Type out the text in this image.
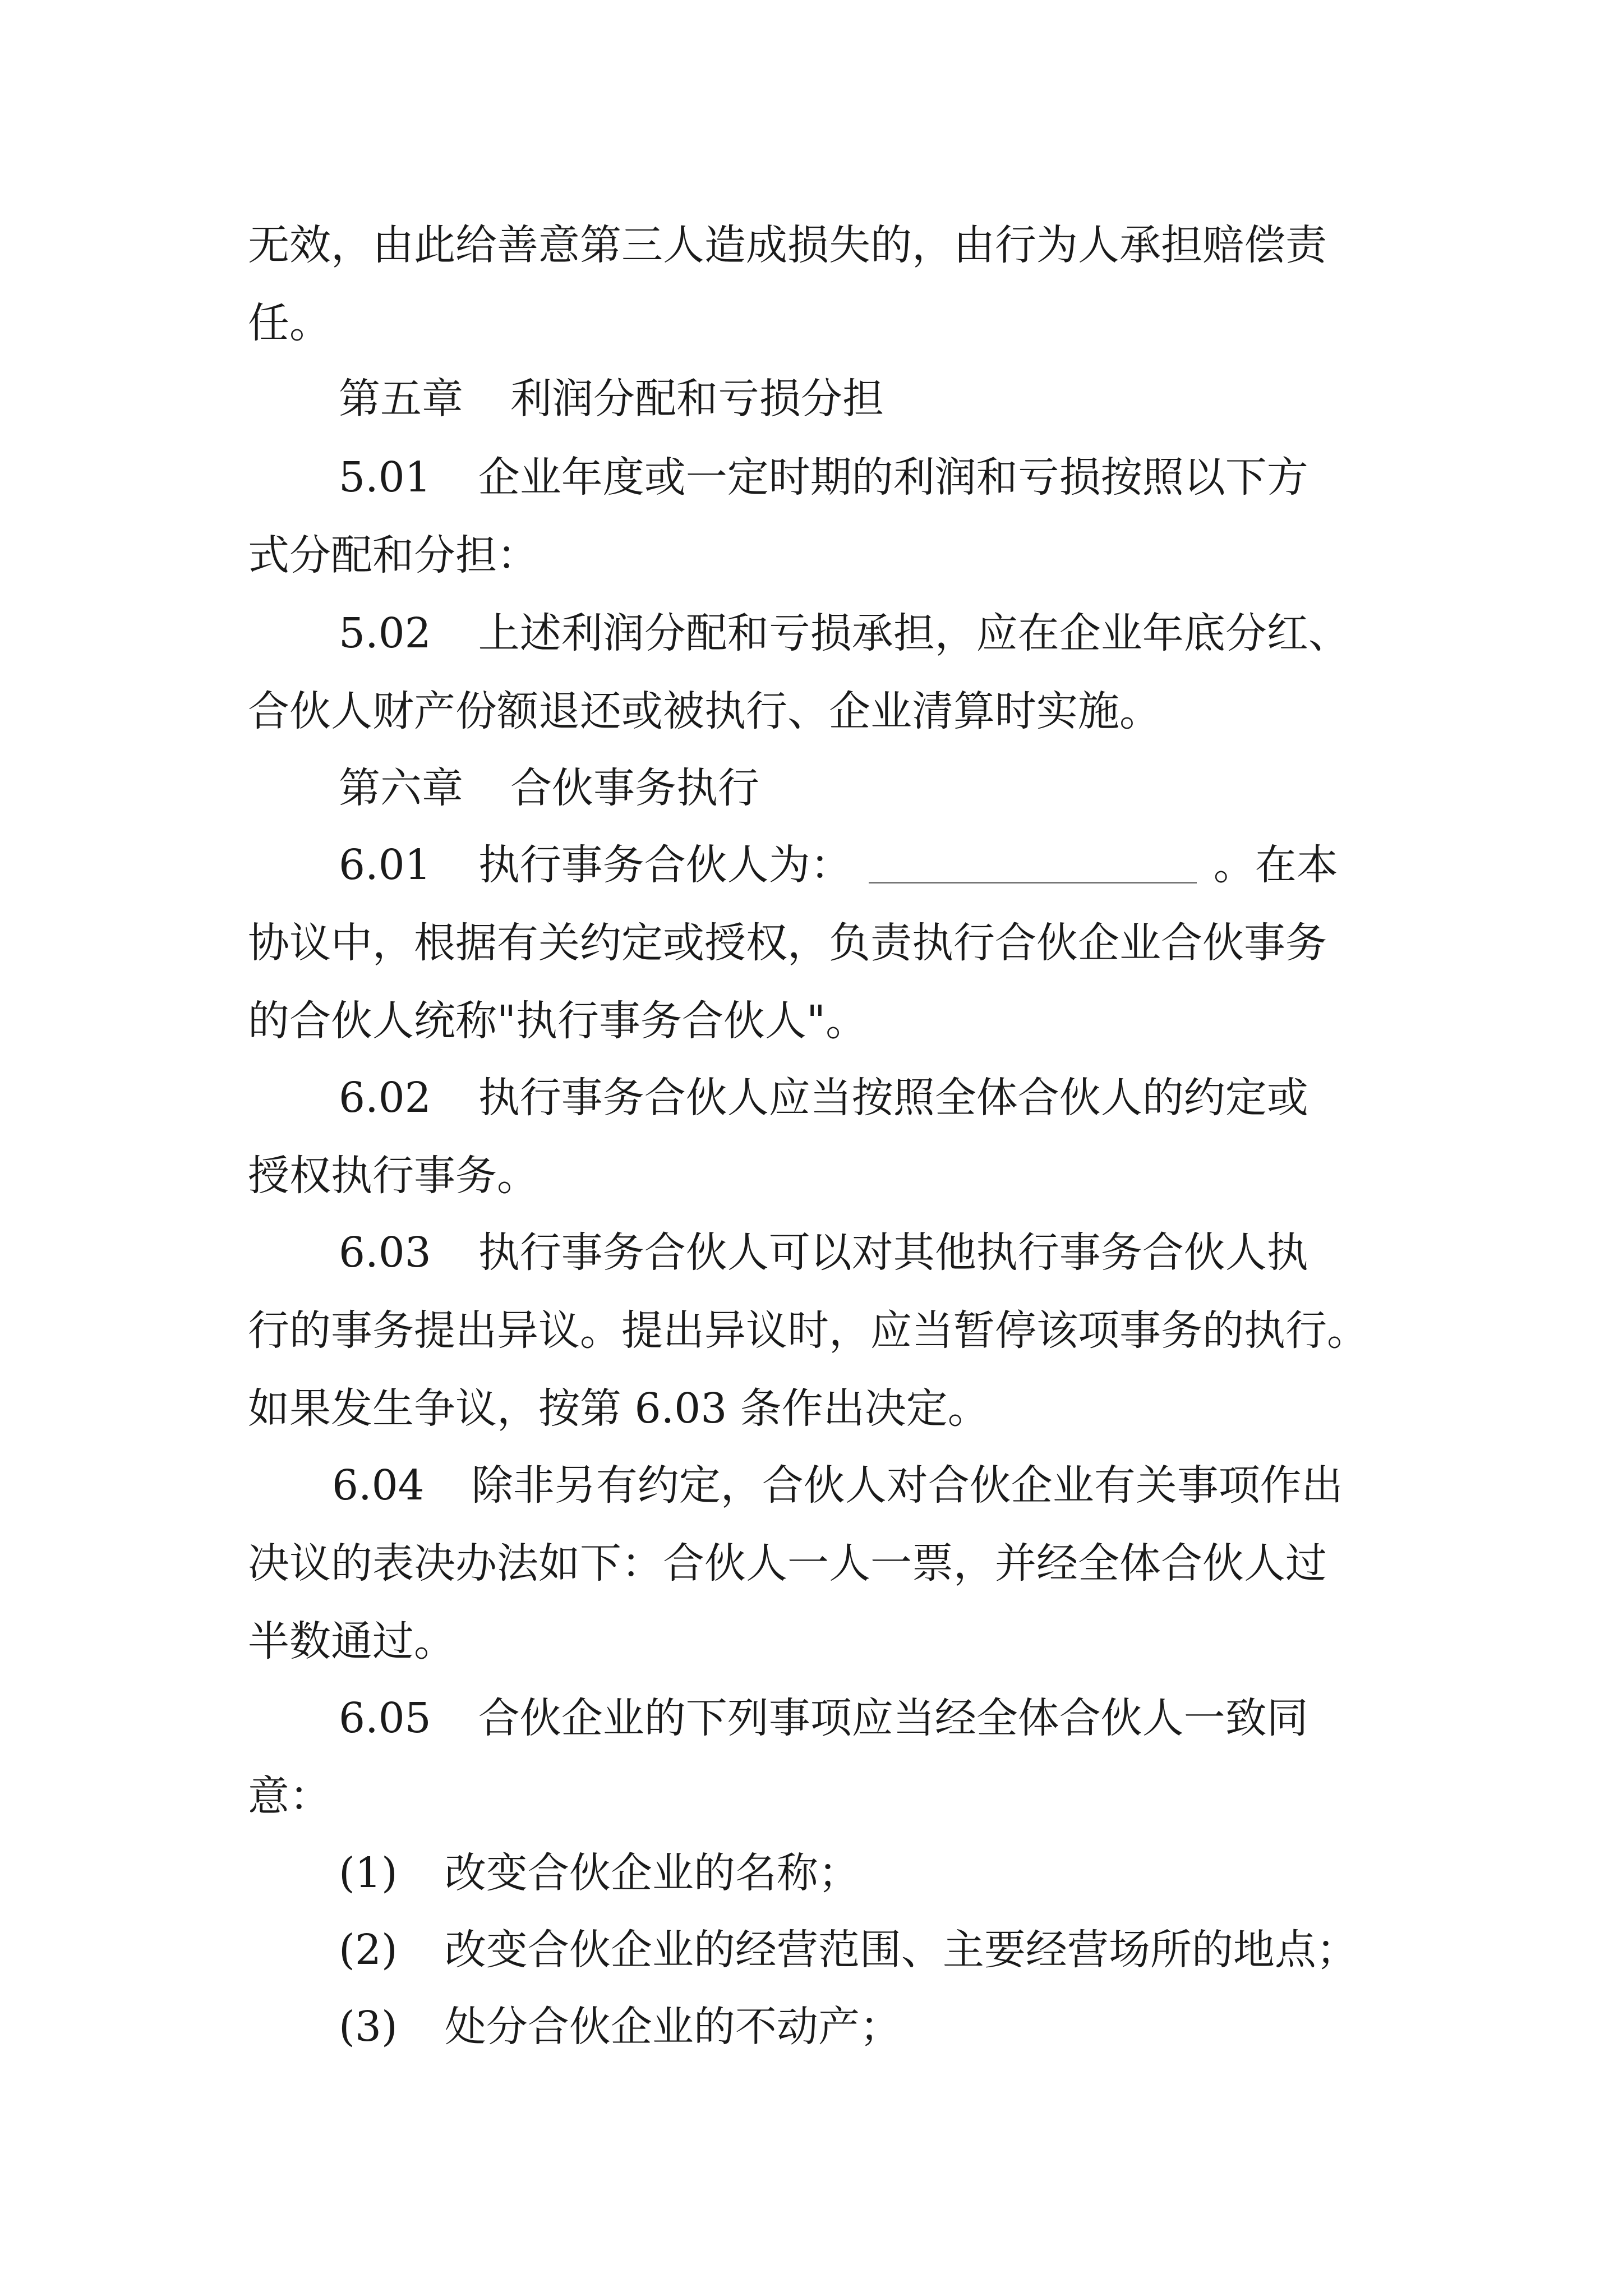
无效，由此给善意第三人造成损失的，由行为人承担赔偿责
任。
第五章 利润分配和亏损分担
5.01 企业年度或一定时期的利润和亏损按照以下方
式分配和分担：
5.02 上述利润分配和亏损承担，应在企业年底分红、
合伙人财产份额退还或被执行、企业清算时实施。
第六章 合伙事务执行
6.01 执行事务合伙人为：	。在本
协议中，根据有关约定或授权，负责执行合伙企业合伙事务
的合伙人统称"执行事务合伙人"。
6.02 执行事务合伙人应当按照全体合伙人的约定或
授权执行事务。
6.03 执行事务合伙人可以对其他执行事务合伙人执
行的事务提出异议。提出异议时，应当暂停该项事务的执行。
如果发生争议，按第 6.03 条作出决定。
6.04 除非另有约定，合伙人对合伙企业有关事项作出
决议的表决办法如下：合伙人一人一票，并经全体合伙人过
半数通过。
6.05 合伙企业的下列事项应当经全体合伙人一致同
意：
(1) 改变合伙企业的名称；
(2) 改变合伙企业的经营范围、主要经营场所的地点；
(3) 处分合伙企业的不动产；
